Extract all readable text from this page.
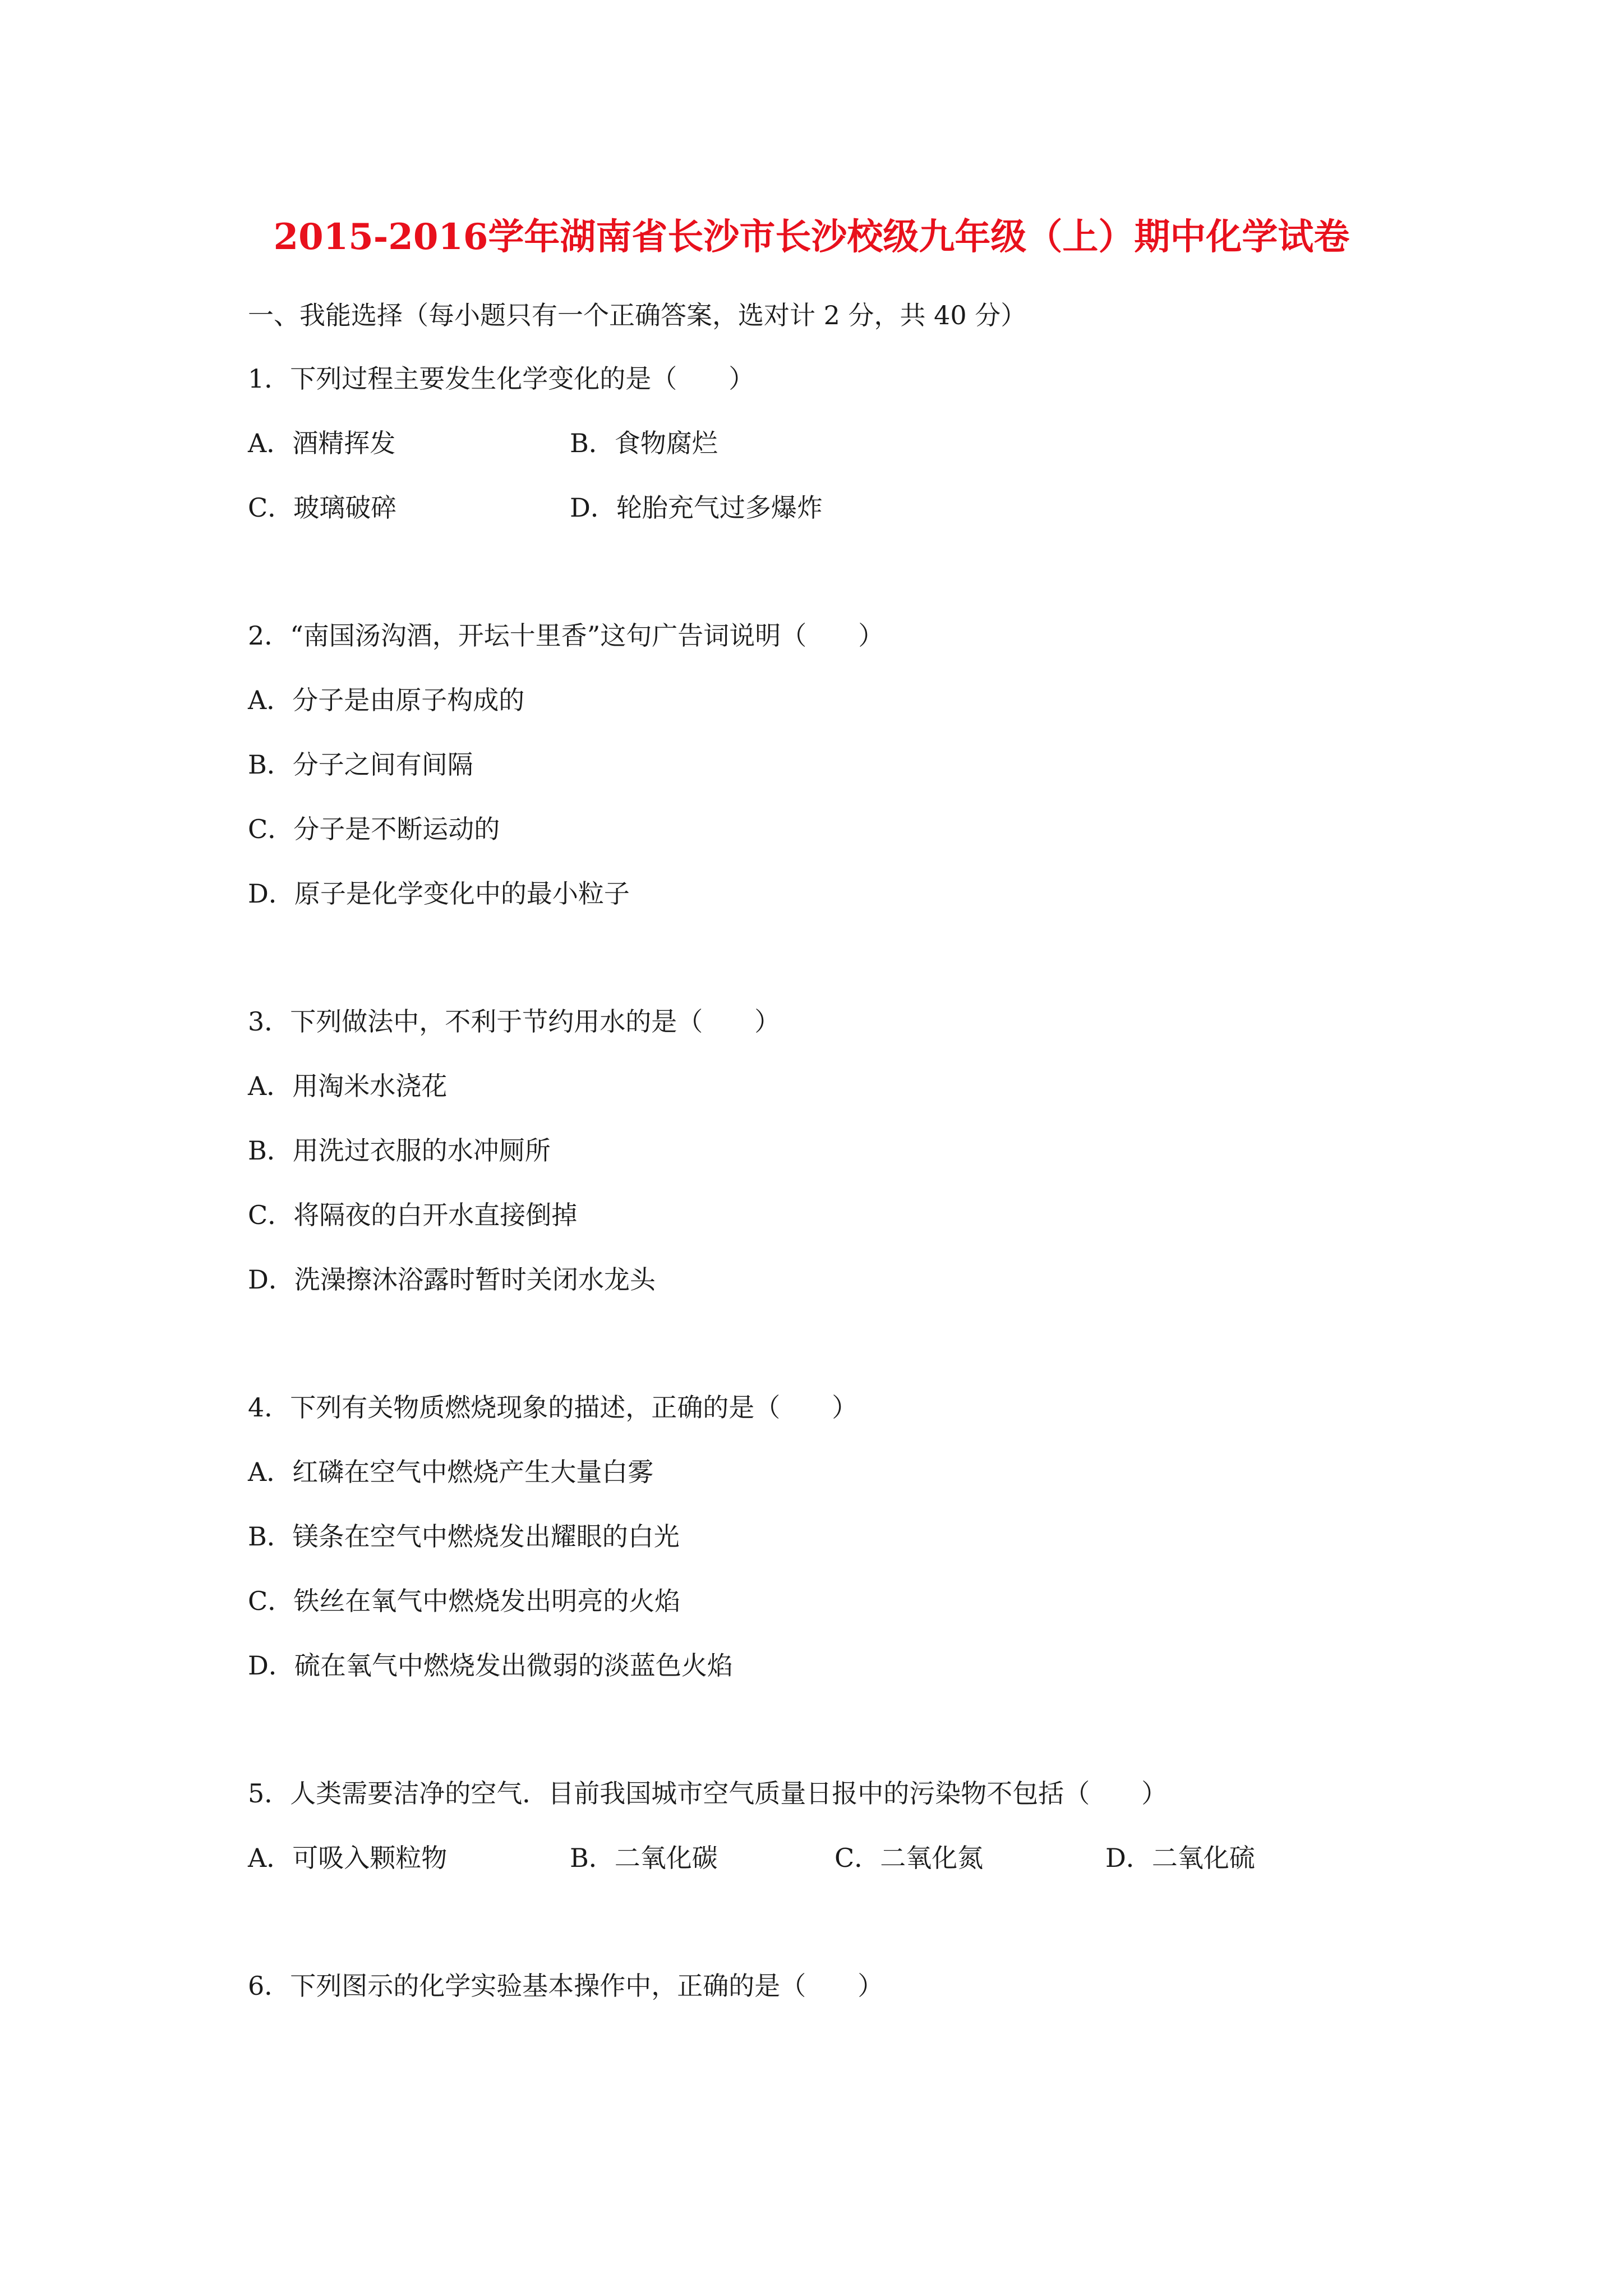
2015-2016学年湖南省长沙市长沙校级九年级（上）期中化学试卷
一、我能选择（每小题只有一个正确答案，选对计 2 分，共 40 分）
1．下列过程主要发生化学变化的是（　　）
A．酒精挥发	B．食物腐烂
C．玻璃破碎	D．轮胎充气过多爆炸
2．“南国汤沟酒，开坛十里香”这句广告词说明（　　）
A．分子是由原子构成的
B．分子之间有间隔
C．分子是不断运动的
D．原子是化学变化中的最小粒子
3．下列做法中，不利于节约用水的是（　　）
A．用淘米水浇花
B．用洗过衣服的水冲厕所
C．将隔夜的白开水直接倒掉
D．洗澡擦沐浴露时暂时关闭水龙头
4．下列有关物质燃烧现象的描述，正确的是（　　）
A．红磷在空气中燃烧产生大量白雾
B．镁条在空气中燃烧发出耀眼的白光
C．铁丝在氧气中燃烧发出明亮的火焰
D．硫在氧气中燃烧发出微弱的淡蓝色火焰
5．人类需要洁净的空气．目前我国城市空气质量日报中的污染物不包括（　　）
A．可吸入颗粒物	B．二氧化碳	C．二氧化氮	D．二氧化硫
6．下列图示的化学实验基本操作中，正确的是（　　）
